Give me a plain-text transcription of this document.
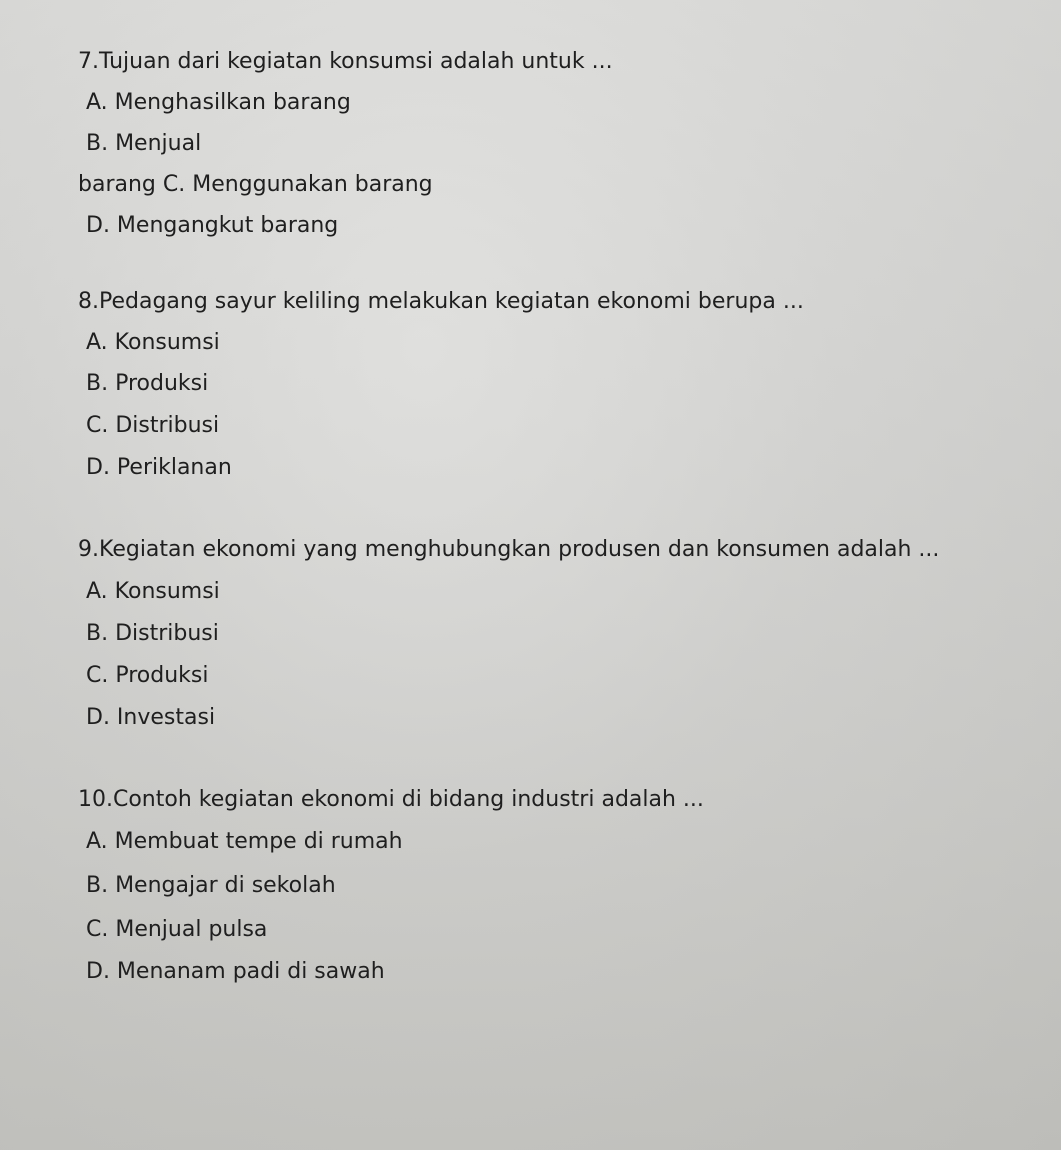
7.Tujuan dari kegiatan konsumsi adalah untuk ...
A. Menghasilkan barang
B. Menjual
barang C. Menggunakan barang
D. Mengangkut barang
8.Pedagang sayur keliling melakukan kegiatan ekonomi berupa ...
A. Konsumsi
B. Produksi
C. Distribusi
D. Periklanan
9.Kegiatan ekonomi yang menghubungkan produsen dan konsumen adalah ...
A. Konsumsi
B. Distribusi
C. Produksi
D. Investasi
10.Contoh kegiatan ekonomi di bidang industri adalah ...
A. Membuat tempe di rumah
B. Mengajar di sekolah
C. Menjual pulsa
D. Menanam padi di sawah
